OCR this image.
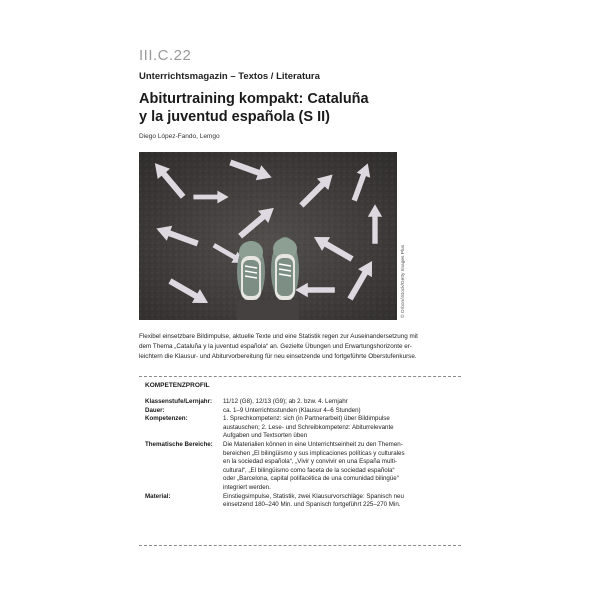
III.C.22
Unterrichtsmagazin – Textos / Literatura
Abiturtraining kompakt: Cataluña
y la juventud española (S II)
Diego López-Fando, Lemgo
© Orbon/iStock/Getty Images Plus
Flexibel einsetzbare Bildimpulse, aktuelle Texte und eine Statistik regen zur Auseinandersetzung mit
dem Thema „Cataluña y la juventud española“ an. Gezielte Übungen und Erwartungshorizonte er-
leichtern die Klausur- und Abiturvorbereitung für neu einsetzende und fortgeführte Oberstufenkurse.
KOMPETENZPROFIL
Klassenstufe/Lernjahr:	11/12 (G8), 12/13 (G9); ab 2. bzw. 4. Lernjahr
Dauer:	ca. 1–9 Unterrichtsstunden (Klausur 4–6 Stunden)
Kompetenzen:	1. Sprechkompetenz: sich (in Partnerarbeit) über Bildimpulse
austauschen; 2. Lese- und Schreibkompetenz: Abiturrelevante
Aufgaben und Textsorten üben
Thematische Bereiche:	Die Materialien können in eine Unterrichtseinheit zu den Themen-
bereichen „El bilingüismo y sus implicaciones políticas y culturales
en la sociedad española“, „Vivir y convivir en una España multi-
cultural“, „El bilingüismo como faceta de la sociedad española“
oder „Barcelona, capital polifacética de una comunidad bilingüe“
integriert werden.
Material:	Einstiegsimpulse, Statistik, zwei Klausurvorschläge: Spanisch neu
einsetzend 180–240 Min. und Spanisch fortgeführt 225–270 Min.
